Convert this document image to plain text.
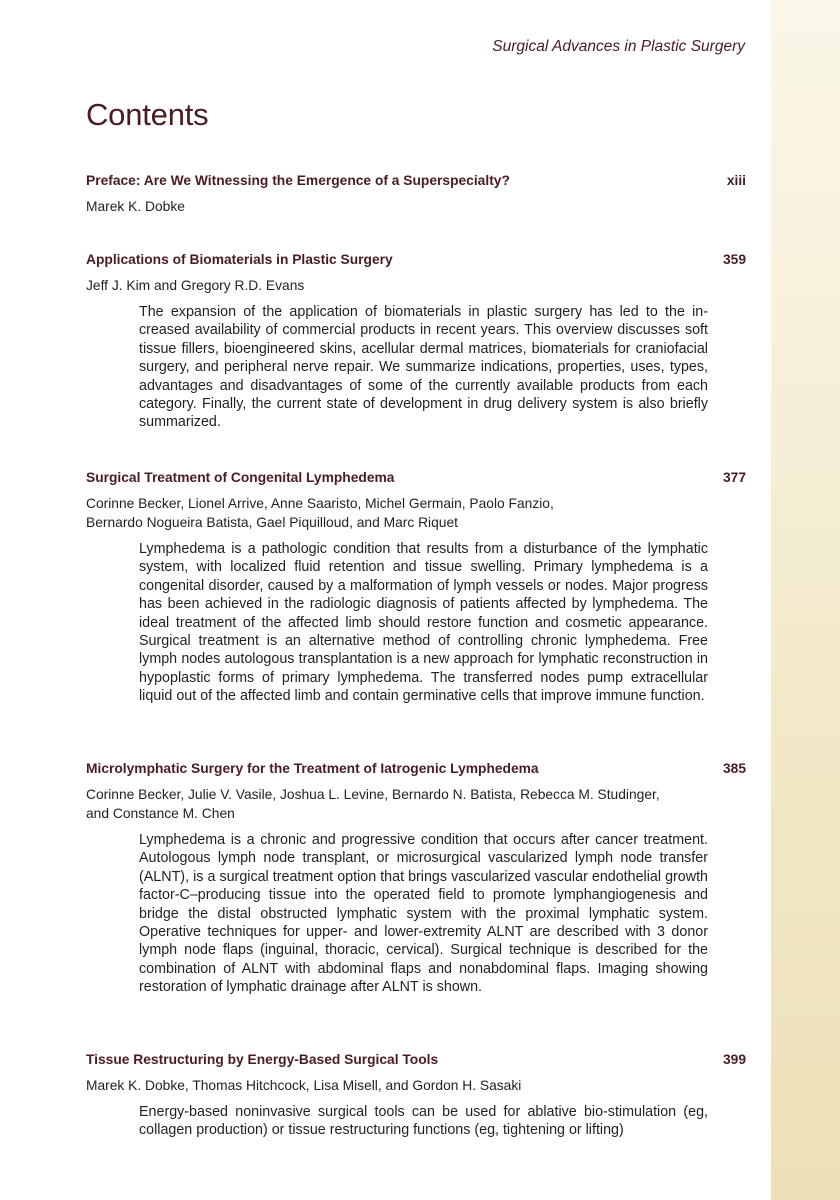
Surgical Advances in Plastic Surgery
Contents
Preface: Are We Witnessing the Emergence of a Superspecialty?	xiii
Marek K. Dobke
Applications of Biomaterials in Plastic Surgery	359
Jeff J. Kim and Gregory R.D. Evans
The expansion of the application of biomaterials in plastic surgery has led to the increased availability of commercial products in recent years. This overview discusses soft tissue fillers, bioengineered skins, acellular dermal matrices, biomaterials for craniofacial surgery, and peripheral nerve repair. We summarize indications, properties, uses, types, advantages and disadvantages of some of the currently available products from each category. Finally, the current state of development in drug delivery system is also briefly summarized.
Surgical Treatment of Congenital Lymphedema	377
Corinne Becker, Lionel Arrive, Anne Saaristo, Michel Germain, Paolo Fanzio, Bernardo Nogueira Batista, Gael Piquilloud, and Marc Riquet
Lymphedema is a pathologic condition that results from a disturbance of the lymphatic system, with localized fluid retention and tissue swelling. Primary lymphedema is a congenital disorder, caused by a malformation of lymph vessels or nodes. Major progress has been achieved in the radiologic diagnosis of patients affected by lymphedema. The ideal treatment of the affected limb should restore function and cosmetic appearance. Surgical treatment is an alternative method of controlling chronic lymphedema. Free lymph nodes autologous transplantation is a new approach for lymphatic reconstruction in hypoplastic forms of primary lymphedema. The transferred nodes pump extracellular liquid out of the affected limb and contain germinative cells that improve immune function.
Microlymphatic Surgery for the Treatment of Iatrogenic Lymphedema	385
Corinne Becker, Julie V. Vasile, Joshua L. Levine, Bernardo N. Batista, Rebecca M. Studinger, and Constance M. Chen
Lymphedema is a chronic and progressive condition that occurs after cancer treatment. Autologous lymph node transplant, or microsurgical vascularized lymph node transfer (ALNT), is a surgical treatment option that brings vascularized vascular endothelial growth factor-C–producing tissue into the operated field to promote lymphangiogenesis and bridge the distal obstructed lymphatic system with the proximal lymphatic system. Operative techniques for upper- and lower-extremity ALNT are described with 3 donor lymph node flaps (inguinal, thoracic, cervical). Surgical technique is described for the combination of ALNT with abdominal flaps and nonabdominal flaps. Imaging showing restoration of lymphatic drainage after ALNT is shown.
Tissue Restructuring by Energy-Based Surgical Tools	399
Marek K. Dobke, Thomas Hitchcock, Lisa Misell, and Gordon H. Sasaki
Energy-based noninvasive surgical tools can be used for ablative bio-stimulation (eg, collagen production) or tissue restructuring functions (eg, tightening or lifting)
